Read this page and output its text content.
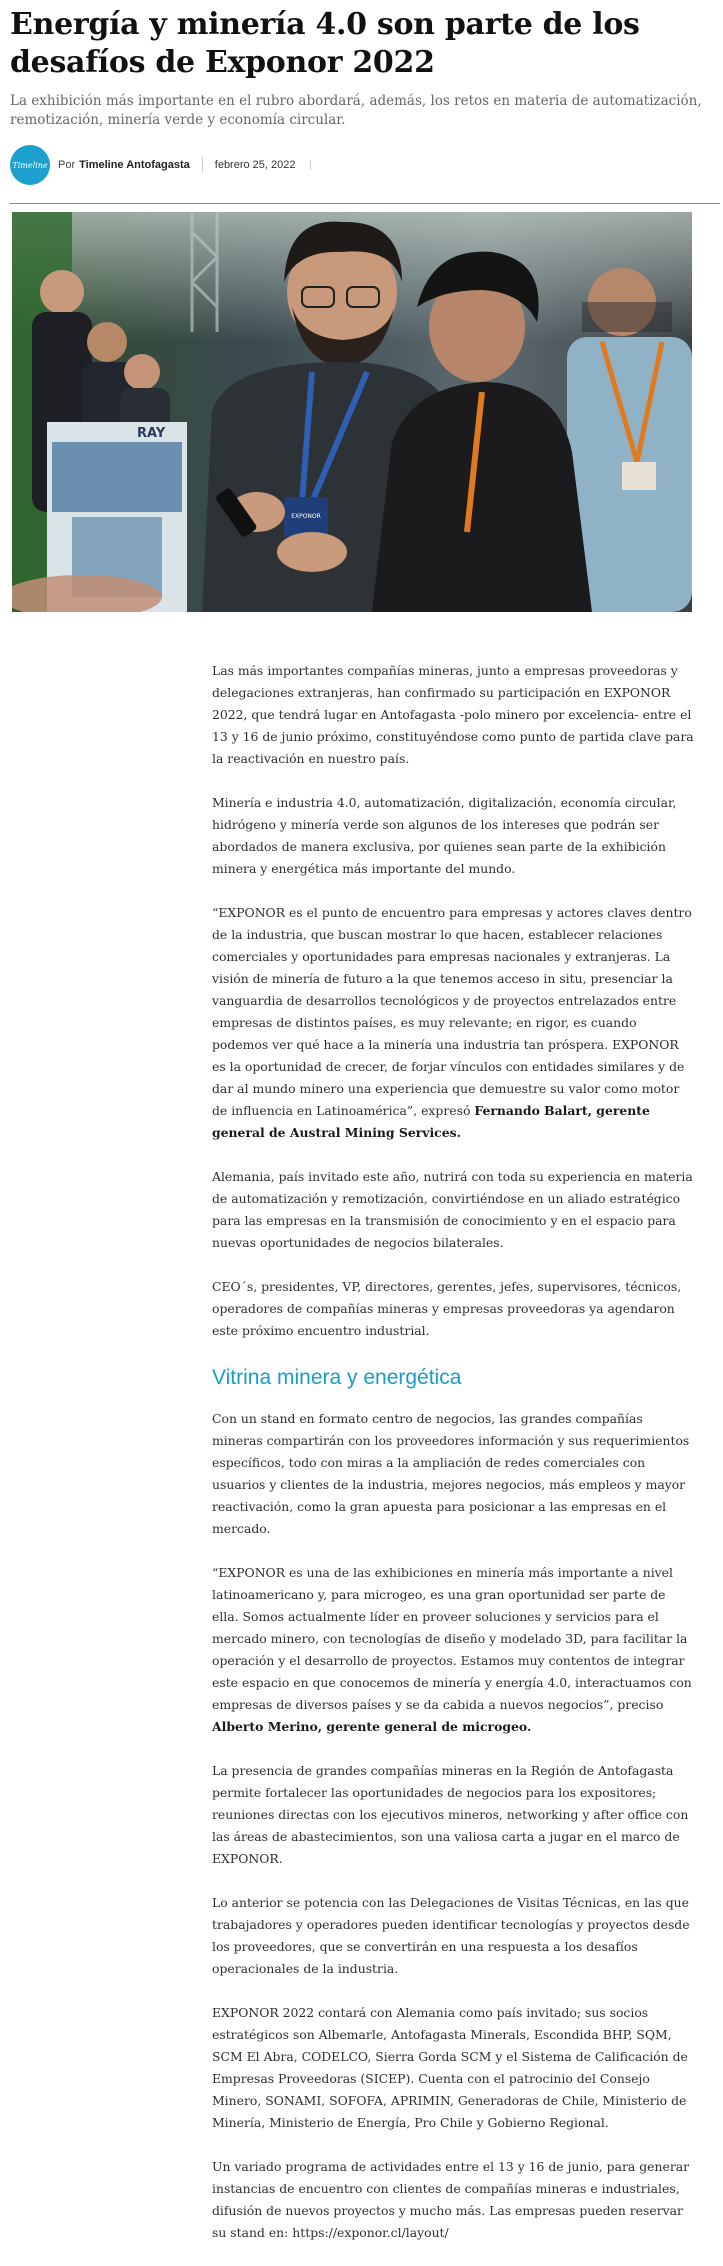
Energía y minería 4.0 son parte de los desafíos de Exponor 2022

La exhibición más importante en el rubro abordará, además, los retos en materia de automatización, remotización, minería verde y economía circular.

Timeline Por Timeline Antofagasta febrero 25, 2022
RAY
EXPONOR

Las más importantes compañías mineras, junto a empresas proveedoras y delegaciones extranjeras, han confirmado su participación en EXPONOR 2022, que tendrá lugar en Antofagasta -polo minero por excelencia- entre el 13 y 16 de junio próximo, constituyéndose como punto de partida clave para la reactivación en nuestro país.

Minería e industria 4.0, automatización, digitalización, economía circular, hidrógeno y minería verde son algunos de los intereses que podrán ser abordados de manera exclusiva, por quienes sean parte de la exhibición minera y energética más importante del mundo.

“EXPONOR es el punto de encuentro para empresas y actores claves dentro de la industria, que buscan mostrar lo que hacen, establecer relaciones comerciales y oportunidades para empresas nacionales y extranjeras. La visión de minería de futuro a la que tenemos acceso in situ, presenciar la vanguardia de desarrollos tecnológicos y de proyectos entrelazados entre empresas de distintos países, es muy relevante; en rigor, es cuando podemos ver qué hace a la minería una industria tan próspera. EXPONOR es la oportunidad de crecer, de forjar vínculos con entidades similares y de dar al mundo minero una experiencia que demuestre su valor como motor de influencia en Latinoamérica”, expresó Fernando Balart, gerente general de Austral Mining Services.

Alemania, país invitado este año, nutrirá con toda su experiencia en materia de automatización y remotización, convirtiéndose en un aliado estratégico para las empresas en la transmisión de conocimiento y en el espacio para nuevas oportunidades de negocios bilaterales.

CEO´s, presidentes, VP, directores, gerentes, jefes, supervisores, técnicos, operadores de compañías mineras y empresas proveedoras ya agendaron este próximo encuentro industrial.

Vitrina minera y energética

Con un stand en formato centro de negocios, las grandes compañías mineras compartirán con los proveedores información y sus requerimientos específicos, todo con miras a la ampliación de redes comerciales con usuarios y clientes de la industria, mejores negocios, más empleos y mayor reactivación, como la gran apuesta para posicionar a las empresas en el mercado.

“EXPONOR es una de las exhibiciones en minería más importante a nivel latinoamericano y, para microgeo, es una gran oportunidad ser parte de ella. Somos actualmente líder en proveer soluciones y servicios para el mercado minero, con tecnologías de diseño y modelado 3D, para facilitar la operación y el desarrollo de proyectos. Estamos muy contentos de integrar este espacio en que conocemos de minería y energía 4.0, interactuamos con empresas de diversos países y se da cabida a nuevos negocios”, preciso Alberto Merino, gerente general de microgeo.

La presencia de grandes compañías mineras en la Región de Antofagasta permite fortalecer las oportunidades de negocios para los expositores; reuniones directas con los ejecutivos mineros, networking y after office con las áreas de abastecimientos, son una valiosa carta a jugar en el marco de EXPONOR.

Lo anterior se potencia con las Delegaciones de Visitas Técnicas, en las que trabajadores y operadores pueden identificar tecnologías y proyectos desde los proveedores, que se convertirán en una respuesta a los desafíos operacionales de la industria.

EXPONOR 2022 contará con Alemania como país invitado; sus socios estratégicos son Albemarle, Antofagasta Minerals, Escondida BHP, SQM, SCM El Abra, CODELCO, Sierra Gorda SCM y el Sistema de Calificación de Empresas Proveedoras (SICEP). Cuenta con el patrocinio del Consejo Minero, SONAMI, SOFOFA, APRIMIN, Generadoras de Chile, Ministerio de Minería, Ministerio de Energía, Pro Chile y Gobierno Regional.

Un variado programa de actividades entre el 13 y 16 de junio, para generar instancias de encuentro con clientes de compañías mineras e industriales, difusión de nuevos proyectos y mucho más. Las empresas pueden reservar su stand en: https://exponor.cl/layout/
